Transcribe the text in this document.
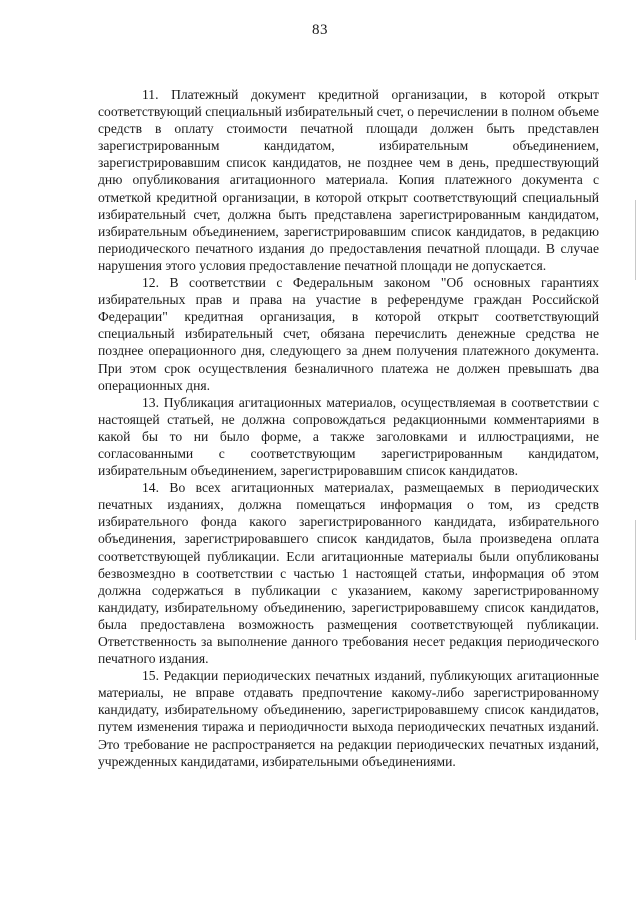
83

11. Платежный документ кредитной организации, в которой открыт соответствующий специальный избирательный счет, о перечислении в полном объеме средств в оплату стоимости печатной площади должен быть представлен зарегистрированным кандидатом, избирательным объединением, зарегистрировавшим список кандидатов, не позднее чем в день, предшествующий дню опубликования агитационного материала. Копия платежного документа с отметкой кредитной организации, в которой открыт соответствующий специальный избирательный счет, должна быть представлена зарегистрированным кандидатом, избирательным объединением, зарегистрировавшим список кандидатов, в редакцию периодического печатного издания до предоставления печатной площади. В случае нарушения этого условия предоставление печатной площади не допускается.

12. В соответствии с Федеральным законом "Об основных гарантиях избирательных прав и права на участие в референдуме граждан Российской Федерации" кредитная организация, в которой открыт соответствующий специальный избирательный счет, обязана перечислить денежные средства не позднее операционного дня, следующего за днем получения платежного документа. При этом срок осуществления безналичного платежа не должен превышать два операционных дня.

13. Публикация агитационных материалов, осуществляемая в соответствии с настоящей статьей, не должна сопровождаться редакционными комментариями в какой бы то ни было форме, а также заголовками и иллюстрациями, не согласованными с соответствующим зарегистрированным кандидатом, избирательным объединением, зарегистрировавшим список кандидатов.

14. Во всех агитационных материалах, размещаемых в периодических печатных изданиях, должна помещаться информация о том, из средств избирательного фонда какого зарегистрированного кандидата, избирательного объединения, зарегистрировавшего список кандидатов, была произведена оплата соответствующей публикации. Если агитационные материалы были опубликованы безвозмездно в соответствии с частью 1 настоящей статьи, информация об этом должна содержаться в публикации с указанием, какому зарегистрированному кандидату, избирательному объединению, зарегистрировавшему список кандидатов, была предоставлена возможность размещения соответствующей публикации. Ответственность за выполнение данного требования несет редакция периодического печатного издания.

15. Редакции периодических печатных изданий, публикующих агитационные материалы, не вправе отдавать предпочтение какому-либо зарегистрированному кандидату, избирательному объединению, зарегистрировавшему список кандидатов, путем изменения тиража и периодичности выхода периодических печатных изданий. Это требование не распространяется на редакции периодических печатных изданий, учрежденных кандидатами, избирательными объединениями.
